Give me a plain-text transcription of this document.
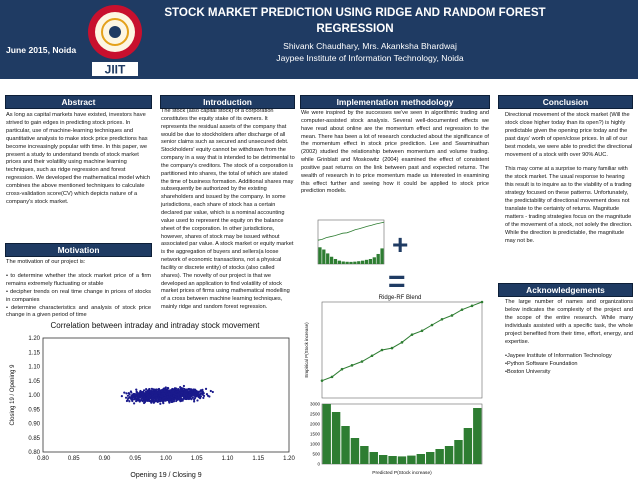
JIIT
STOCK MARKET PREDICTION USING RIDGE AND RANDOM FOREST REGRESSION
June 2015, Noida	Shivank Chaudhary, Mrs. Akanksha Bhardwaj
Jaypee Institute of Information Technology, Noida
Abstract
As long as capital markets have existed, investors have strived to gain edges in predicting stock prices. In particular, use of machine-learning techniques and quantitative analysis to make stock price predictions has become increasingly popular with time. In this paper, we present a study to understand trends of stock market prices and their volatility using machine learning techniques, such as ridge regression and forest regression. We developed the mathematical model which combines the above mentioned techniques to calculate cross-validation score(CV) which depicts nature of a company's stock market.
Motivation
The motivation of our project is:
• to determine whether the stock market price of a firm remains extremely fluctuating or stable
• decipher trends on real time change in prices of stocks in companies
• determine characteristics and analysis of stock price change in a given period of time
Introduction
The stock (also capital stock) of a corporation constitutes the equity stake of its owners. It represents the residual assets of the company that would be due to stockholders after discharge of all senior claims such as secured and unsecured debt. Stockholders' equity cannot be withdrawn from the company in a way that is intended to be detrimental to the company's creditors. The stock of a corporation is partitioned into shares, the total of which are stated the time of business formation. Additional shares may subsequently be authorized by the existing shareholders and issued by the company. In some jurisdictions, each share of stock has a certain declared par value, which is a nominal accounting value used to represent the equity on the balance sheet of the corporation. In other jurisdictions, however, shares of stock may be issued without associated par value. A stock market or equity market is the aggregation of buyers and sellers(a loose network of economic transactions, not a physical facility or discrete entity) of stocks (also called shares). The novelty of our project is that we developed an application to find volatility of stock market prices of firms using mathematical modelling of a cross between machine learning techniques, mainly ridge and random forest regression.
Correlation between intraday and intraday stock movement
0.80	0.85	0.90	0.95	1.00	1.05	1.10	1.15	1.20
0.80
0.85
0.90
0.95
1.00
1.05
1.10
1.15
1.20
Opening 19 / Closing 9
Closing 19 / Opening 9
Implementation methodology
We were inspired by the successes we've seen in algorithmic trading and computer-assisted stock analysis. Several well-documented effects we have read about online are the momentum effect and regression to the mean. There has been a lot of research conducted about the significance of the momentum effect in stock price prediction. Lee and Swaminathan (2002) studied the relationship between momentum and volume trading. while Grinblatt and Moskowitz (2004) examined the effect of consistent positive past returns on the link between past and expected returns. The wealth of research in to price momentum made us interested in examining this effect further and seeing how it could be applied to stock price prediction models.
+
=
Ridge-RF Blend
Empirical P(Stock increase)
3000
2500
2000
1500
1000
500
0
Predicted P(Stock increase)
Conclusion
Directional movement of the stock market (Will the stock close higher today than its open?) is highly predictable given the opening price today and the past days' worth of open/close prices. In all of our best models, we were able to predict the directional movement of a stock with over 90% AUC.
This may come at a surprise to many familiar with the stock market. The usual response to hearing this result is to inquire as to the viability of a trading strategy focused on these patterns. Unfortunately, the predictability of directional movement does not translate to the certainty of returns. Magnitude matters - trading strategies focus on the magnitude of the movement of a stock, not solely the direction. While the direction is predictable, the magnitude may not be.
Acknowledgements
The large number of names and organizations below indicates the complexity of the project and the scope of the entire research. While many individuals assisted with a specific task, the whole project benefited from their time, effort, energy, and expertise.
•Jaypee Institute of Information Technology
•Python Software Foundation
•Boston University
